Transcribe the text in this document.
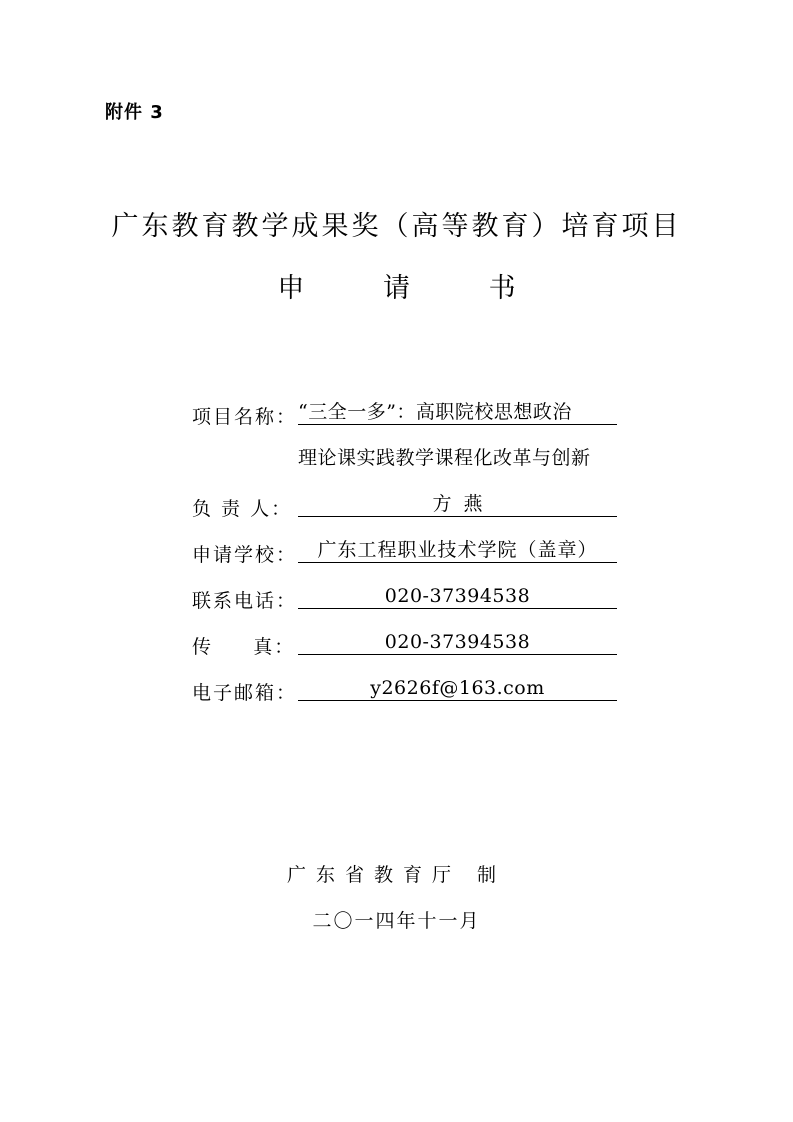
附件 3
广东教育教学成果奖（高等教育）培育项目
申	请	书
项目名称： “三全一多”：高职院校思想政治
理论课实践教学课程化改革与创新
负 责 人：	方  燕
申请学校：	广东工程职业技术学院（盖章）
联系电话：	020-37394538
传     真：	020-37394538
电子邮箱：	y2626f@163.com
广东省教育厅 制
二〇一四年十一月
